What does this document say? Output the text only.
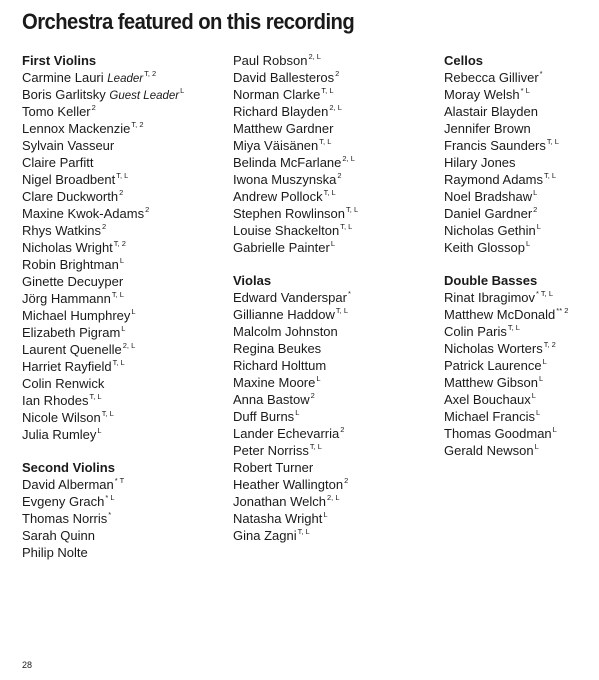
Orchestra featured on this recording
First Violins
Carmine Lauri Leader$^{T, 2}$
Boris Garlitsky Guest Leader$^L$
Tomo Keller$^2$
Lennox Mackenzie$^{T, 2}$
Sylvain Vasseur
Claire Parfitt
Nigel Broadbent$^{T, L}$
Clare Duckworth$^2$
Maxine Kwok-Adams$^2$
Rhys Watkins$^2$
Nicholas Wright$^{T, 2}$
Robin Brightman$^L$
Ginette Decuyper
Jörg Hammann$^{T, L}$
Michael Humphrey$^L$
Elizabeth Pigram$^L$
Laurent Quenelle$^{2, L}$
Harriet Rayfield$^{T, L}$
Colin Renwick
Ian Rhodes$^{T, L}$
Nicole Wilson$^{T, L}$
Julia Rumley$^L$
Second Violins
David Alberman$^{* T}$
Evgeny Grach$^{* L}$
Thomas Norris*
Sarah Quinn
Philip Nolte
Paul Robson$^{2, L}$
David Ballesteros$^2$
Norman Clarke$^{T, L}$
Richard Blayden$^{2, L}$
Matthew Gardner
Miya Väisänen$^{T, L}$
Belinda McFarlane$^{2, L}$
Iwona Muszynska$^2$
Andrew Pollock$^{T, L}$
Stephen Rowlinson$^{T, L}$
Louise Shackelton$^{T, L}$
Gabrielle Painter$^L$
Violas
Edward Vanderspar*
Gillianne Haddow$^{T, L}$
Malcolm Johnston
Regina Beukes
Richard Holttum
Maxine Moore$^L$
Anna Bastow$^2$
Duff Burns$^L$
Lander Echevarria$^2$
Peter Norriss$^{T, L}$
Robert Turner
Heather Wallington$^2$
Jonathan Welch$^{2, L}$
Natasha Wright$^L$
Gina Zagni$^{T, L}$
Cellos
Rebecca Gilliver*
Moray Welsh$^{* L}$
Alastair Blayden
Jennifer Brown
Francis Saunders$^{T, L}$
Hilary Jones
Raymond Adams$^{T, L}$
Noel Bradshaw$^L$
Daniel Gardner$^2$
Nicholas Gethin$^L$
Keith Glossop$^L$
Double Basses
Rinat Ibragimov$^{* T, L}$
Matthew McDonald$^{** 2}$
Colin Paris$^{T, L}$
Nicholas Worters$^{T, 2}$
Patrick Laurence$^L$
Matthew Gibson$^L$
Axel Bouchaux$^L$
Michael Francis$^L$
Thomas Goodman$^L$
Gerald Newson$^L$
28
